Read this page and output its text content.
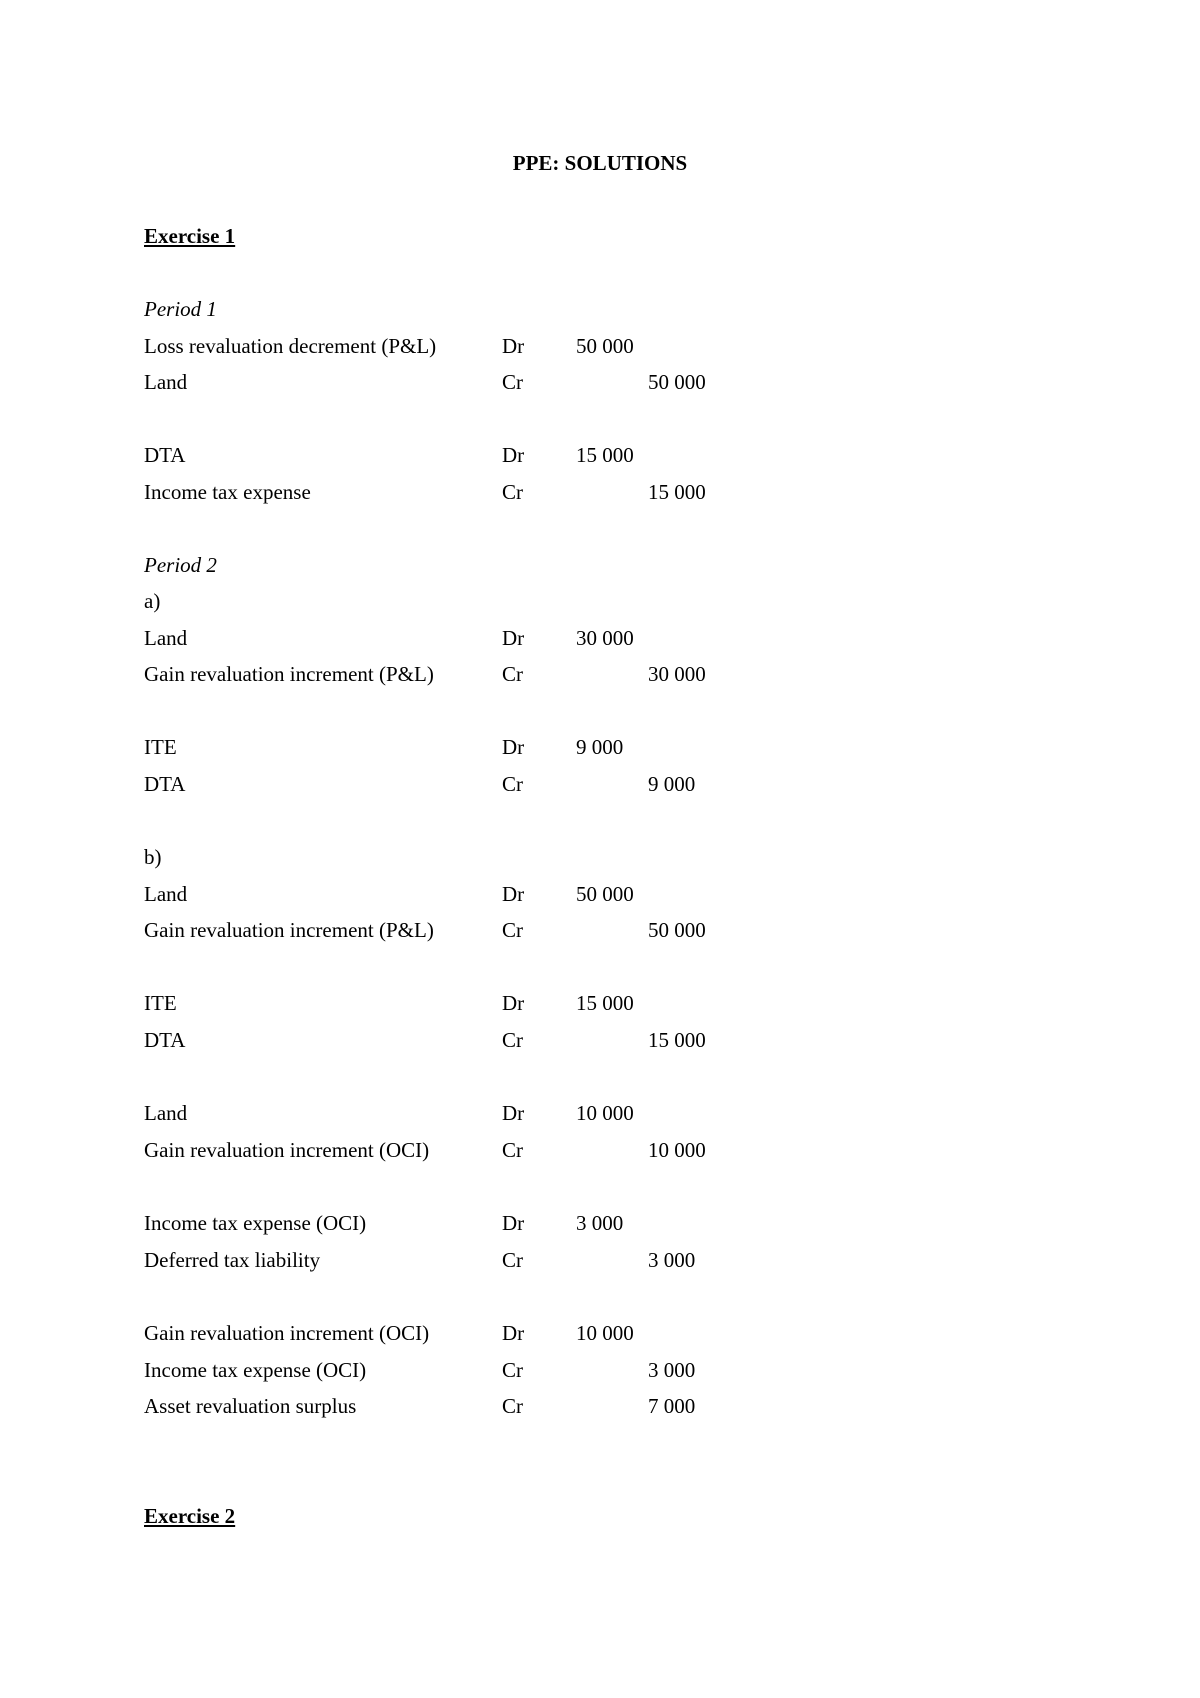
PPE: SOLUTIONS
Exercise 1
Period 1
Loss revaluation decrement (P&L)	Dr 50 000
Land	Cr	50 000
DTA	Dr 15 000
Income tax expense	Cr	15 000
Period 2
a)
Land	Dr 30 000
Gain revaluation increment (P&L)	Cr	30 000
ITE	Dr 9 000
DTA	Cr	9 000
b)
Land	Dr 50 000
Gain revaluation increment (P&L)	Cr	50 000
ITE	Dr 15 000
DTA	Cr	15 000
Land	Dr 10 000
Gain revaluation increment (OCI)	Cr	10 000
Income tax expense (OCI)	Dr 3 000
Deferred tax liability	Cr	3 000
Gain revaluation increment (OCI)	Dr 10 000
Income tax expense (OCI)	Cr	3 000
Asset revaluation surplus	Cr	7 000
Exercise 2
